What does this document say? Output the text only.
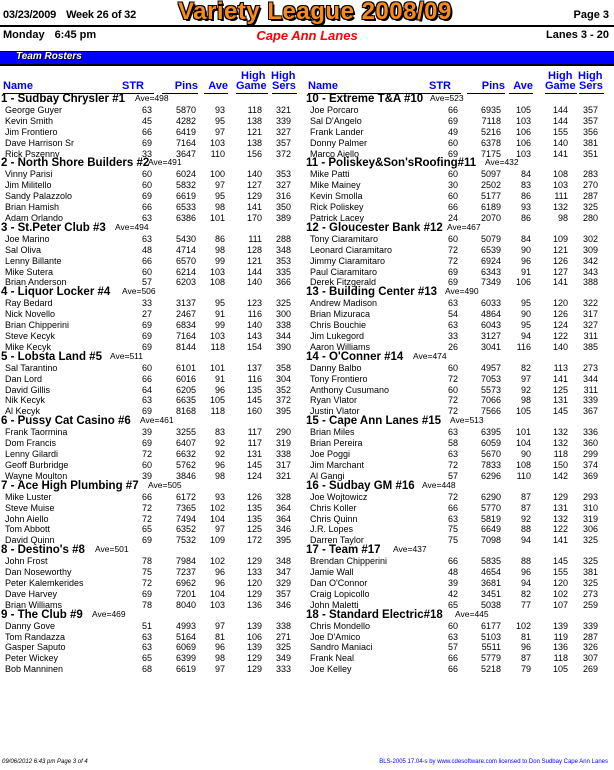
03/23/2009 Week 26 of 32 Variety League 2008/09	Page 3
Monday 6:45 pm	Cape Ann Lanes	Lanes 3 - 20
Team Rosters
Name	STR	Pins Ave
High
Game
High
Sers
1 - Sudbay Chrysler #1 Ave=498
George Guyer	63	5870 93	118 321
Kevin Smith	45	4282 95 138 339
Jim Frontiero	66	6419 97 121 327
Dave Harrison Sr	69	7164 103 138 357
Rick Pszenny	33	3647 110 156 372
2 - North Shore Builders #2
Ave=491
Vinny Parisi	60	6024 100 140 353
Jim Militello	60	5832 97 127 327
Sandy Palazzolo	69	6619 95 129 316
Brian Hamish	66	6533 98 141 350
Adam Orlando	63	6386 101 170 389
3 - St.Peter Club #3 Ave=494
Joe Marino	63	5430 86	111 288
Sal Oliva	48	4714 98 128 348
Lenny Billante	66	6570 99 121 353
Mike Sutera	60	6214 103 144 335
Brian Anderson	57	6203 108 140 366
4 - Liquor Locker #4 Ave=506
Ray Bedard	33	3137 95 123 325
Nick Novello	27	2467 91	116 300
Brian Chipperini	69	6834 99 140 338
Steve Kecyk	69	7164 103 143 344
Mike Kecyk	69	8144 118 154 390
5 - Lobsta Land #5 Ave=511
Sal Tarantino	60	6101 101 137 358
Dan Lord	66	6016 91	116 304
David Gillis	64	6205 96 135 352
Nik Kecyk	63	6635 105 145 372
Al Kecyk	69	8168 118 160 395
6 - Pussy Cat Casino #6 Ave=461
Frank Taormina	39	3255 83	117 290
Dom Francis	69	6407 92	117 319
Lenny Gilardi	72	6632 92 131 338
Geoff Burbridge	60	5762 96 145 317
Wayne Moulton	39	3846 98 124 321
7 - Ace High Plumbing #7 Ave=505
Mike Luster	66	6172 93 126 328
Steve Muise	72	7365 102 135 364
John Aiello	72	7494 104 135 364
Tom Abbott	65	6352 97 125 346
David Quinn	69	7532 109 172 395
8 - Destino's #8 Ave=501
John Frost	78	7984 102 129 348
Dan Noseworthy	75	7237 96 133 347
Peter Kalemkerides	72	6962 96 120 329
Dave Harvey	69	7201 104 129 357
Brian Williams	78	8040 103 136 346
9 - The Club #9 Ave=469
Danny Gove	51	4993 97 139 338
Tom Randazza	63	5164 81 106 271
Gasper Saputo	63	6069 96 139 325
Peter Wickey	65	6399 98 129 349
Bob Manninen	68	6619 97 129 333
Name	STR	Pins Ave
High
Game
High
Sers
10 - Extreme T&A #10 Ave=523
Joe Porcaro	66	6935 105 144 357
Sal D'Angelo	69	7118 103 144 357
Frank Lander	49	5216 106 155 356
Donny Palmer	60	6378 106 140 381
Marco Aiello	69	7175 103 141 351
11 - Poliskey&Son'sRoofing#11 Ave=432
Mike Patti	60	5097 84 108 283
Mike Mainey	30	2502 83 103 270
Kevin Smolla	60	5177 86	111 287
Rick Poliskey	66	6189 93 132 325
Patrick Lacey	24	2070 86	98 280
12 - Gloucester Bank #12 Ave=467
Tony Ciaramitaro	60	5079 84 109 302
Leonard Ciaramitaro	72	6539 90 121 309
Jimmy Ciaramitaro	72	6924 96 126 342
Paul Ciaramitaro	69	6343 91 127 343
Derek Fitzgerald	69	7349 106 141 388
13 - Building Center #13 Ave=490
Andrew Madison	63	6033 95 120 322
Brian Mizuraca	54	4864 90 126 317
Chris Bouchie	63	6043 95 124 327
Jim Lukegord	33	3127 94 122 311
Aaron Williams	26	3041 116 140 385
14 - O'Conner #14 Ave=474
Danny Balbo	60	4957 82	113 273
Tony Frontiero	72	7053 97 141 344
Anthony Cusumano	60	5573 92 125 311
Ryan Vlator	72	7066 98 131 339
Justin Vlator	72	7566 105 145 367
15 - Cape Ann Lanes #15 Ave=513
Brian Miles	63	6395 101 132 336
Brian Pereira	58	6059 104 132 360
Joe Poggi	63	5670 90	118 299
Jim Marchant	72	7833 108 150 374
Al Gangi	57	6296 110 142 369
16 - Sudbay GM #16 Ave=448
Joe Wojtowicz	72	6290 87 129 293
Chris Koller	66	5770 87 131 310
Chris Quinn	63	5819 92 132 319
J.R. Lopes	75	6649 88 122 306
Darren Taylor	75	7098 94 141 325
17 - Team #17 Ave=437
Brendan Chipperini	66	5835 88 145 325
Jamie Wall	48	4654 96 155 381
Dan O'Connor	39	3681 94 120 325
Craig Lopicollo	42	3451 82 102 273
John Maletti	65	5038 77 107 259
18 - Standard Electric#18 Ave=445
Chris Mondello	60	6177 102 139 339
Joe D'Amico	63	5103 81	119 287
Sandro Maniaci	57	5511 96 136 326
Frank Neal	66	5779 87	118 307
Joe Kelley	66	5218 79 105 269
09/06/2012 6:43 pm Page 3 of 4	BLS-2005 17.04-s by www.cdesoftware.com licensed to Don Sudbay Cape Ann Lanes
